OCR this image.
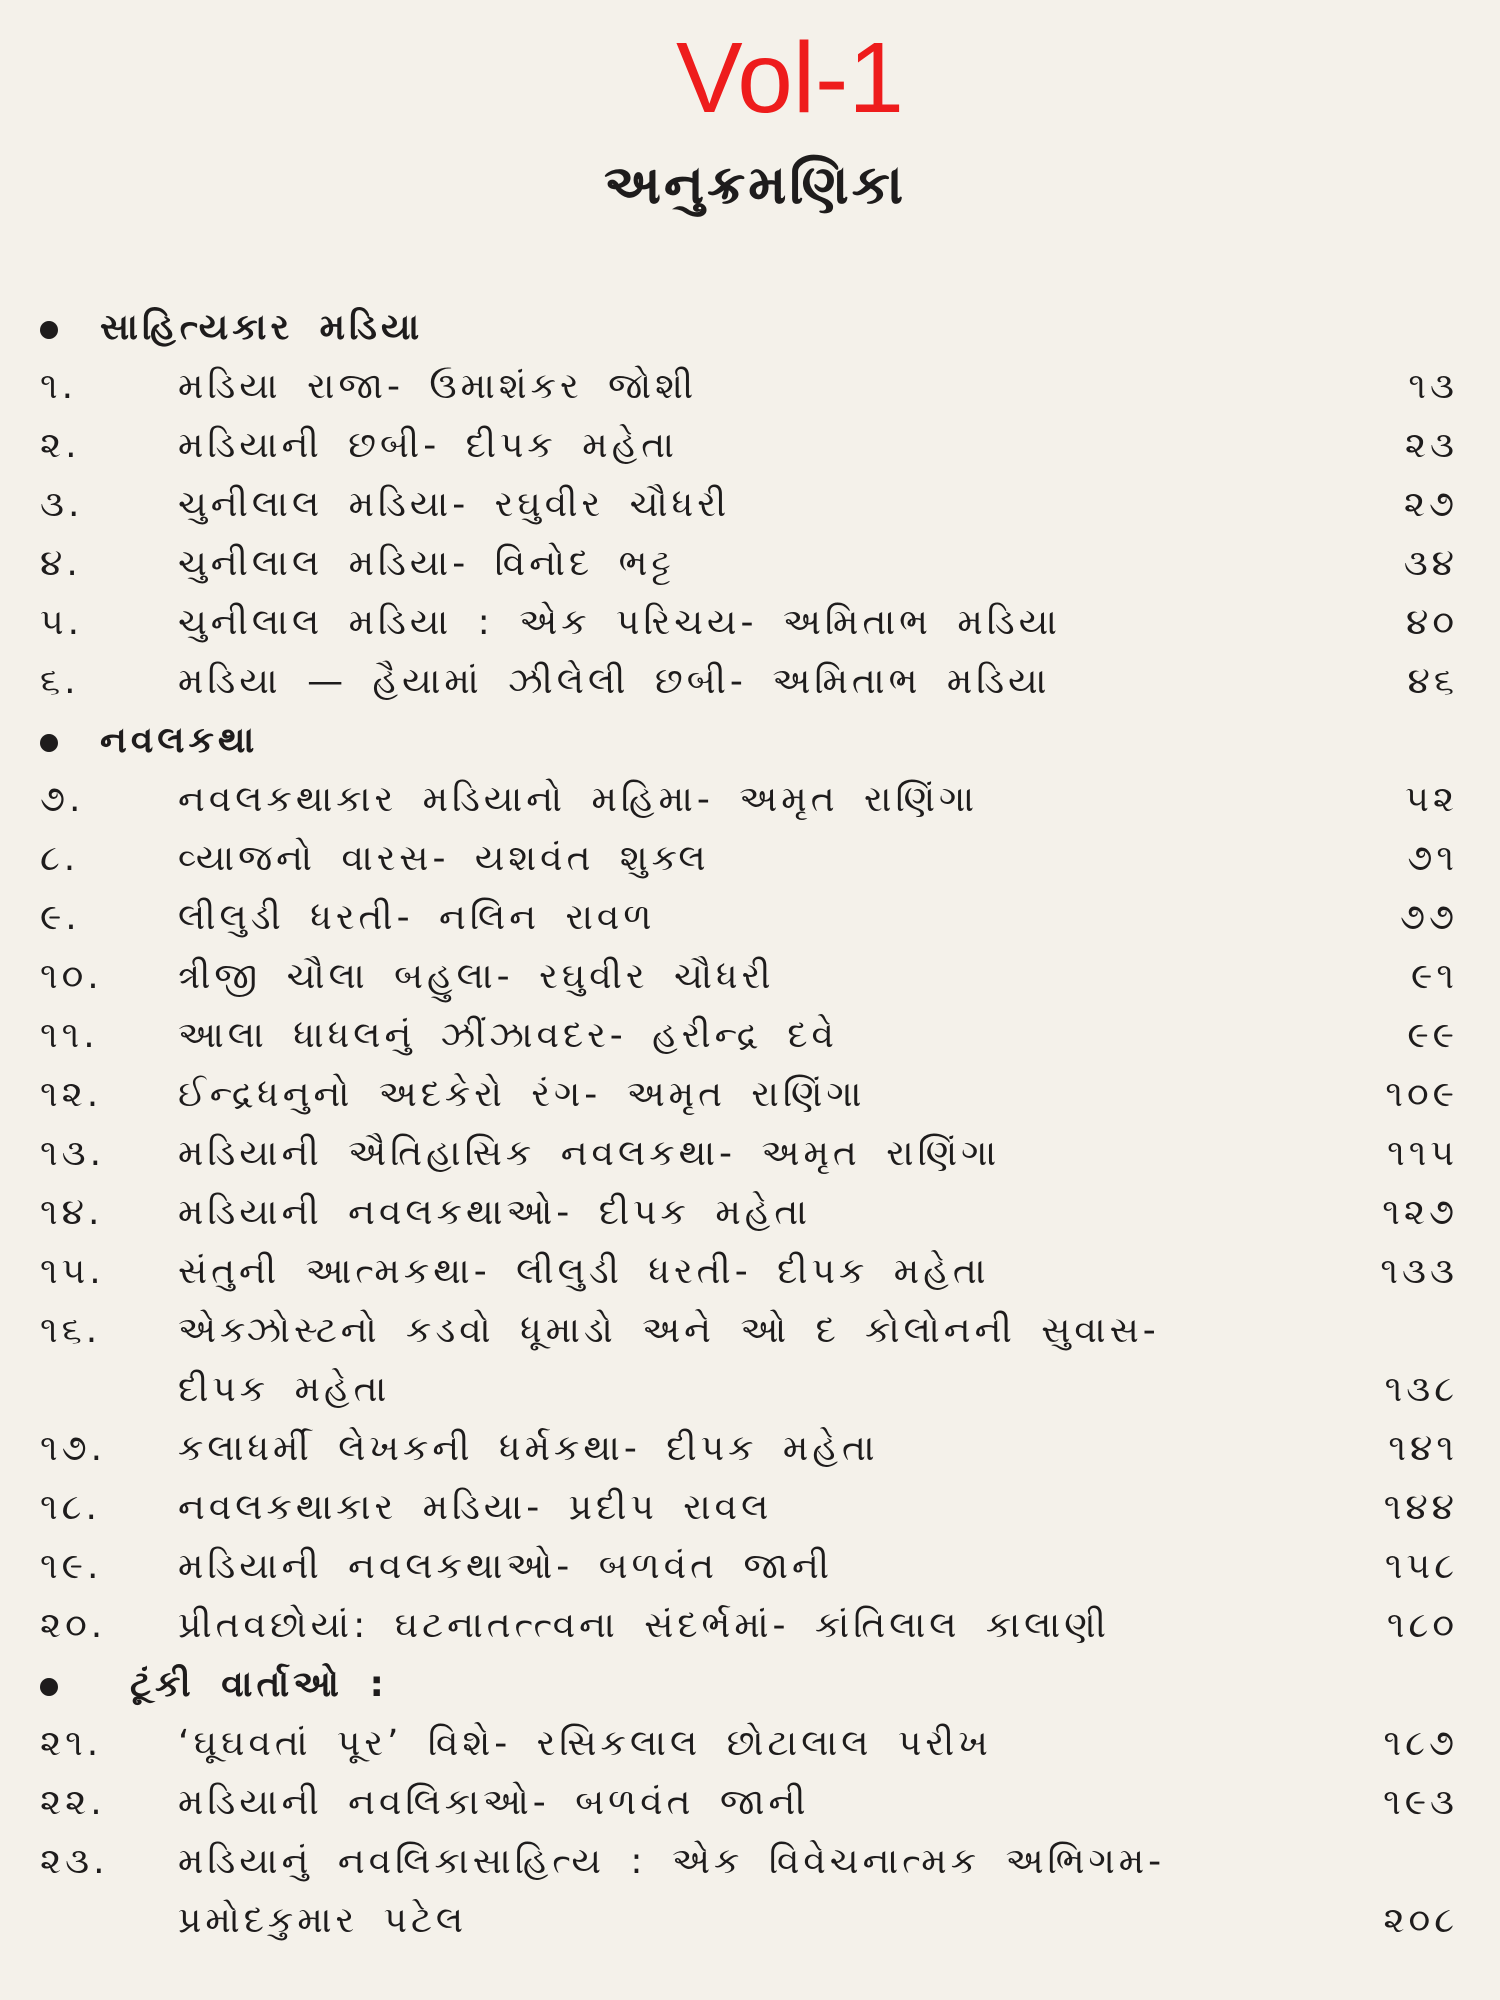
Vol-1
અનુક્રમણિકા
સાહિત્યકાર મડિયા
૧.	મડિયા રાજા- ઉમાશંકર જોશી	૧૩
૨.	મડિયાની છબી- દીપક મહેતા	૨૩
૩.	ચુનીલાલ મડિયા- રઘુવીર ચૌધરી	૨૭
૪.	ચુનીલાલ મડિયા- વિનોદ ભટ્ટ	૩૪
૫.	ચુનીલાલ મડિયા : એક પરિચય- અમિતાભ મડિયા	૪૦
૬.	મડિયા — હૈયામાં ઝીલેલી છબી- અમિતાભ મડિયા	૪૬
નવલકથા
૭.	નવલકથાકાર મડિયાનો મહિમા- અમૃત રાણિંગા	૫૨
૮.	વ્યાજનો વારસ- યશવંત શુક્લ	૭૧
૯.	લીલુડી ધરતી- નલિન રાવળ	૭૭
૧૦. ત્રીજી ચૌલા બહુલા- રઘુવીર ચૌધરી	૯૧
૧૧. આલા ધાધલનું ઝીંઝાવદર- હરીન્દ્ર દવે	૯૯
૧૨. ઈન્દ્રધનુનો અદકેરો રંગ- અમૃત રાણિંગા	૧૦૯
૧૩. મડિયાની ઐતિહાસિક નવલકથા- અમૃત રાણિંગા	૧૧૫
૧૪. મડિયાની નવલકથાઓ- દીપક મહેતા	૧૨૭
૧૫. સંતુની આત્મકથા- લીલુડી ધરતી- દીપક મહેતા	૧૩૩
૧૬. એક્ઝોસ્ટનો કડવો ધૂમાડો અને ઓ દ કોલોનની સુવાસ-
દીપક મહેતા	૧૩૮
૧૭. કલાધર્મી લેખકની ધર્મકથા- દીપક મહેતા	૧૪૧
૧૮. નવલકથાકાર મડિયા- પ્રદીપ રાવલ	૧૪૪
૧૯. મડિયાની નવલકથાઓ- બળવંત જાની	૧૫૮
૨૦. પ્રીતવછોયાં: ઘટનાતત્ત્વના સંદર્ભમાં- કાંતિલાલ કાલાણી	૧૮૦
ટૂંકી વાર્તાઓ :
૨૧. ‘ઘૂઘવતાં પૂર’ વિશે- રસિકલાલ છોટાલાલ પરીખ	૧૮૭
૨૨. મડિયાની નવલિકાઓ- બળવંત જાની	૧૯૩
૨૩. મડિયાનું નવલિકાસાહિત્ય : એક વિવેચનાત્મક અભિગમ-
પ્રમોદકુમાર પટેલ	૨૦૮
